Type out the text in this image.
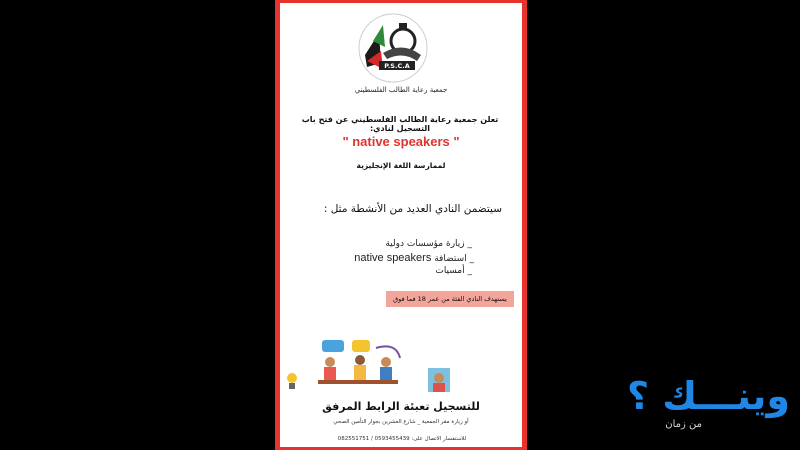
P.S.C.A
جمعية رعاية الطالب الفلسطيني
تعلن جمعية رعاية الطالب الفلسطيني عن فتح باب التسجيل لنادي:
" native speakers "
لممارسة اللغة الإنجليزية
سيتضمن النادي العديد من الأنشطة مثل :
_ زيارة مؤسسات دولية
_ استضافة native speakers
_ أمسيات
يستهدف النادي الفئة من عمر 18 فما فوق
للتسجيل تعبئة الرابط المرفق
أو زيارة مقر الجمعية _ شارع العشرين بجوار التأمين الصحي
للاستفسار الاتصال على: 0593455439 / 082551751
وينـــك ؟
من زمان
